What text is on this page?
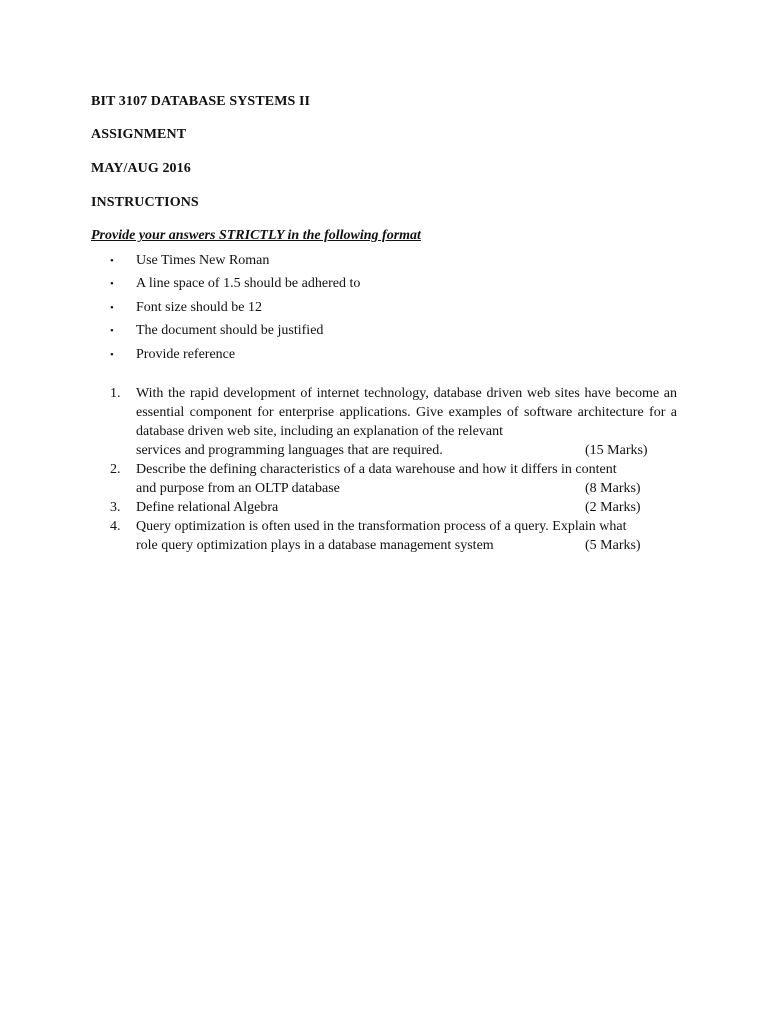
BIT 3107 DATABASE SYSTEMS II
ASSIGNMENT
MAY/AUG 2016
INSTRUCTIONS
Provide your answers STRICTLY in the following format
•	Use Times New Roman
•	A line space of 1.5 should be adhered to
•	Font size should be 12
•	The document should be justified
•	Provide reference
1.	With the rapid development of internet technology, database driven web sites have become an essential component for enterprise applications. Give examples of software architecture for a database driven web site, including an explanation of the relevant
services and programming languages that are required.	(15 Marks)
2.	Describe the defining characteristics of a data warehouse and how it differs in content
and purpose from an OLTP database	(8 Marks)
3.	Define relational Algebra	(2 Marks)
4.	Query optimization is often used in the transformation process of a query. Explain what
role query optimization plays in a database management system	(5 Marks)
